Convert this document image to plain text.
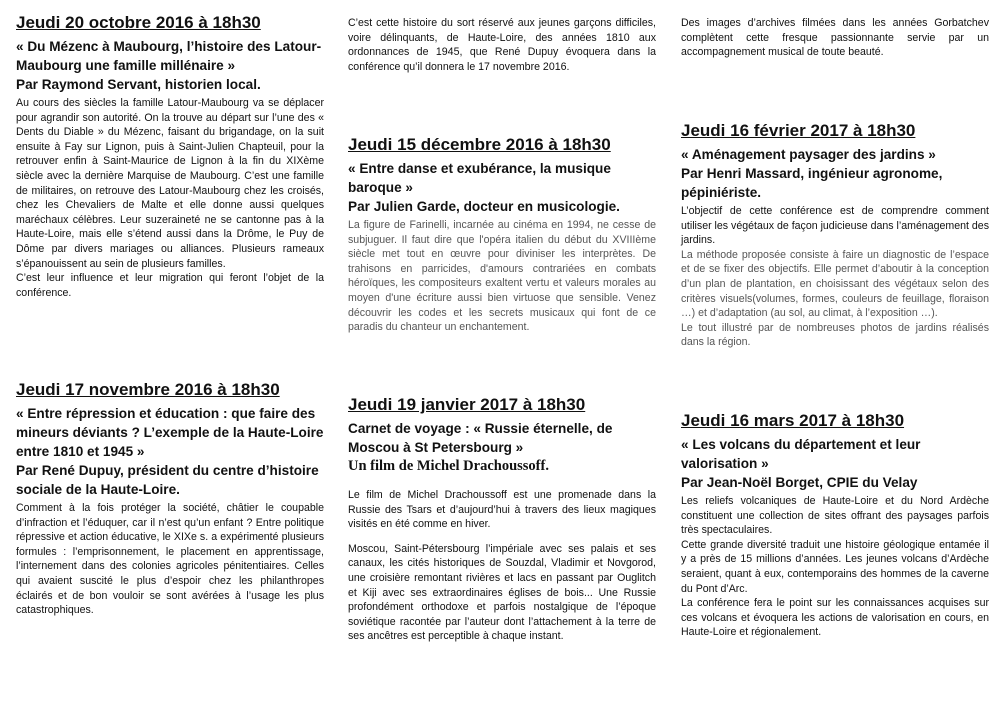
Jeudi 20 octobre 2016 à 18h30
« Du Mézenc à Maubourg, l’histoire des Latour-Maubourg une famille millénaire »
Par Raymond Servant, historien local.

Au cours des siècles la famille Latour-Maubourg va se déplacer pour agrandir son autorité. On la trouve au départ sur l’une des « Dents du Diable » du Mézenc, faisant du brigandage, on la suit ensuite à Fay sur Lignon, puis à Saint-Julien Chapteuil, pour la retrouver enfin à Saint-Maurice de Lignon à la fin du XIXème siècle avec la dernière Marquise de Maubourg. C’est une famille de militaires, on retrouve des Latour-Maubourg chez les croisés, chez les Chevaliers de Malte et elle donne aussi quelques maréchaux célèbres. Leur suzeraineté ne se cantonne pas à la Haute-Loire, mais elle s’étend aussi dans la Drôme, le Puy de Dôme par divers mariages ou alliances. Plusieurs rameaux s’épanouissent au sein de plusieurs familles.

C’est leur influence et leur migration qui feront l’objet de la conférence.

Jeudi 17 novembre 2016 à 18h30
« Entre répression et éducation : que faire des mineurs déviants ? L’exemple de la Haute-Loire entre 1810 et 1945 »
Par René Dupuy, président du centre d’histoire sociale de la Haute-Loire.

Comment à la fois protéger la société, châtier le coupable d’infraction et l’éduquer, car il n’est qu’un enfant ? Entre politique répressive et action éducative, le XIXe s. a expérimenté plusieurs formules : l’emprisonnement, le placement en apprentissage, l’internement dans des colonies agricoles pénitentiaires. Celles qui avaient suscité le plus d’espoir chez les philanthropes éclairés et de bon vouloir se sont avérées à l’usage les plus catastrophiques.

C’est cette histoire du sort réservé aux jeunes garçons difficiles, voire délinquants, de Haute-Loire, des années 1810 aux ordonnances de 1945, que René Dupuy évoquera dans la conférence qu’il donnera le 17 novembre 2016.

Jeudi 15 décembre 2016 à 18h30
« Entre danse et exubérance, la musique baroque »
Par Julien Garde, docteur en musicologie.

La figure de Farinelli, incarnée au cinéma en 1994, ne cesse de subjuguer. Il faut dire que l'opéra italien du début du XVIIIème siècle met tout en œuvre pour diviniser les interprètes. De trahisons en parricides, d'amours contrariées en combats héroïques, les compositeurs exaltent vertu et valeurs morales au moyen d'une écriture aussi bien virtuose que sensible. Venez découvrir les codes et les secrets musicaux qui font de ce paradis du chanteur un enchantement.

Jeudi 19 janvier 2017 à 18h30
Carnet de voyage : « Russie éternelle, de Moscou à St Petersbourg »
Un film de Michel Drachoussoff.

Le film de Michel Drachoussoff est une promenade dans la Russie des Tsars et d’aujourd’hui à travers des lieux magiques visités en été comme en hiver.

Moscou, Saint-Pétersbourg l’impériale avec ses palais et ses canaux, les cités historiques de Souzdal, Vladimir et Novgorod, une croisière remontant rivières et lacs en passant par Ouglitch et Kiji avec ses extraordinaires églises de bois... Une Russie profondément orthodoxe et parfois nostalgique de l’époque soviétique racontée par l’auteur dont l’attachement à la terre de ses ancêtres est perceptible à chaque instant.

Des images d’archives filmées dans les années Gorbatchev complètent cette fresque passionnante servie par un accompagnement musical de toute beauté.

Jeudi 16 février 2017 à 18h30
« Aménagement paysager des jardins »
Par Henri Massard, ingénieur agronome, pépiniériste.

L’objectif de cette conférence est de comprendre comment utiliser les végétaux de façon judicieuse dans l’aménagement des jardins.

La méthode proposée consiste à faire un diagnostic de l’espace et de se fixer des objectifs. Elle permet d’aboutir à la conception d’un plan de plantation, en choisissant des végétaux selon des critères visuels(volumes, formes, couleurs de feuillage, floraison …) et d’adaptation (au sol, au climat, à l’exposition …).

Le tout illustré par de nombreuses photos de jardins réalisés dans la région.

Jeudi 16 mars 2017 à 18h30
« Les volcans du département et leur valorisation »
Par Jean-Noël Borget, CPIE du Velay

Les reliefs volcaniques de Haute-Loire et du Nord Ardèche constituent une collection de sites offrant des paysages parfois très spectaculaires.

Cette grande diversité traduit une histoire géologique entamée il y a près de 15 millions d’années. Les jeunes volcans d’Ardèche seraient, quant à eux, contemporains des hommes de la caverne du Pont d’Arc.

La conférence fera le point sur les connaissances acquises sur ces volcans et évoquera les actions de valorisation en cours, en Haute-Loire et régionalement.
